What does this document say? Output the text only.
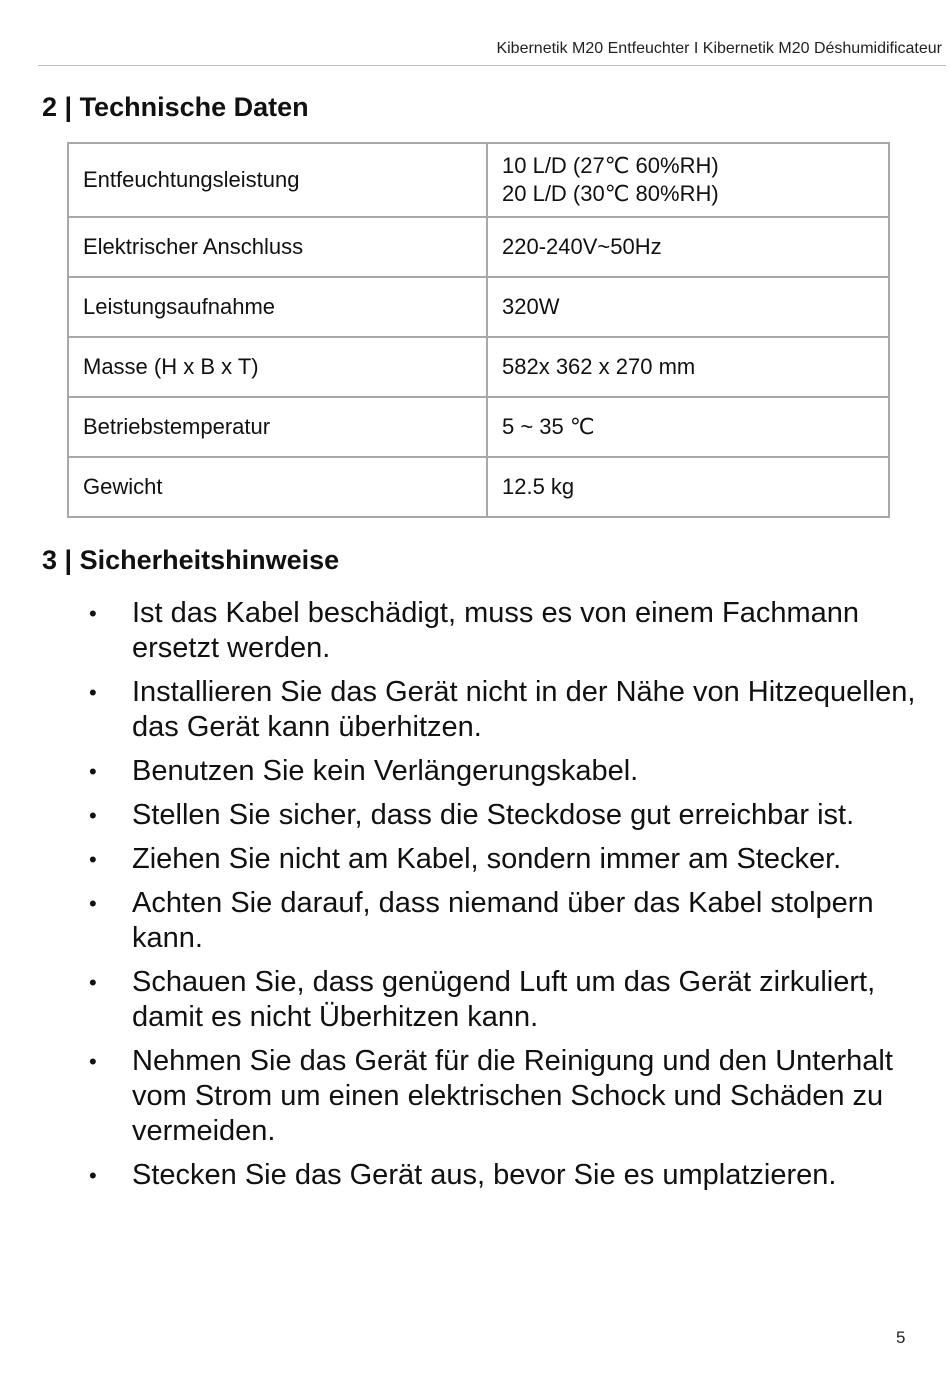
Kibernetik M20 Entfeuchter I Kibernetik M20 Déshumidificateur
2 | Technische Daten
Entfeuchtungsleistung	10 L/D (27℃ 60%RH)
20 L/D (30℃ 80%RH)

Elektrischer Anschluss	220-240V~50Hz
Leistungsaufnahme	320W
Masse (H x B x T)	582x 362 x 270 mm
Betriebstemperatur	5 ~ 35 ℃
Gewicht	12.5 kg
3 | Sicherheitshinweise
• Ist das Kabel beschädigt, muss es von einem Fachmann ersetzt werden.
• Installieren Sie das Gerät nicht in der Nähe von Hitzequellen, das Gerät kann überhitzen.
• Benutzen Sie kein Verlängerungskabel.
• Stellen Sie sicher, dass die Steckdose gut erreichbar ist.
• Ziehen Sie nicht am Kabel, sondern immer am Stecker.
• Achten Sie darauf, dass niemand über das Kabel stolpern kann.
• Schauen Sie, dass genügend Luft um das Gerät zirkuliert, damit es nicht Überhitzen kann.
• Nehmen Sie das Gerät für die Reinigung und den Unterhalt vom Strom um einen elektrischen Schock und Schäden zu vermeiden.
• Stecken Sie das Gerät aus, bevor Sie es umplatzieren.
5
